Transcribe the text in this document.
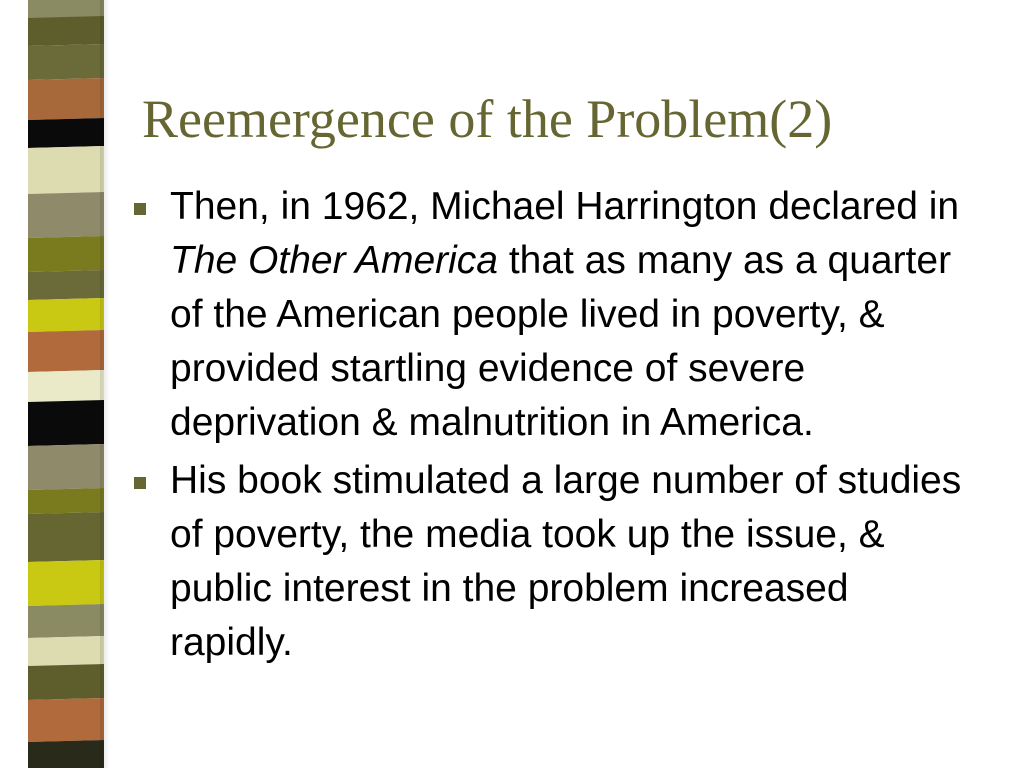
Reemergence of the Problem(2)
Then, in 1962, Michael Harrington declared in The Other America that as many as a quarter of the American people lived in poverty, & provided startling evidence of severe deprivation & malnutrition in America.
His book stimulated a large number of studies of poverty, the media took up the issue, & public interest in the problem increased rapidly.
